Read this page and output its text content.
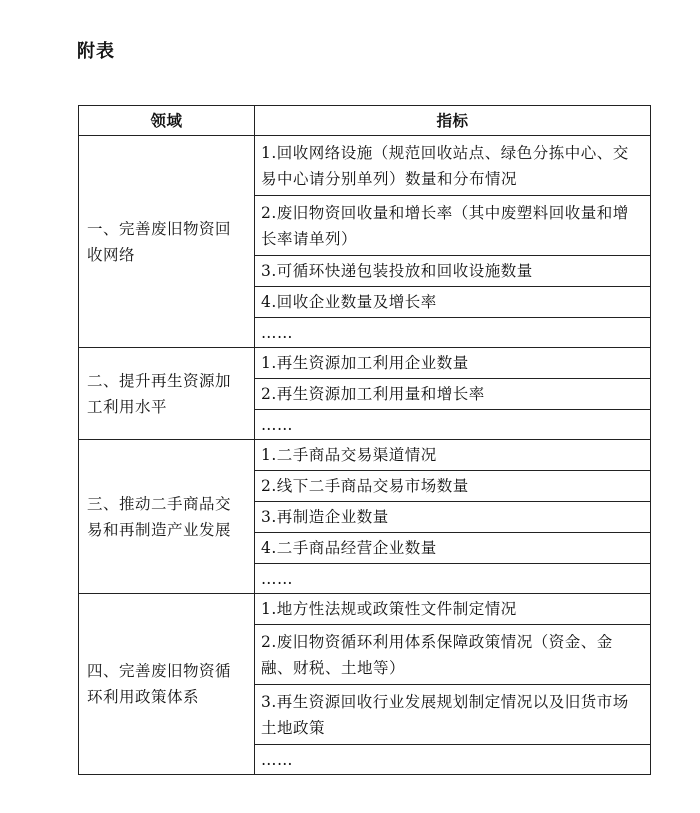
附表
领域	指标
一、完善废旧物资回收网络	1.回收网络设施（规范回收站点、绿色分拣中心、交易中心请分别单列）数量和分布情况
	2.废旧物资回收量和增长率（其中废塑料回收量和增长率请单列）
	3.可循环快递包装投放和回收设施数量
	4.回收企业数量及增长率
	……
二、提升再生资源加工利用水平	1.再生资源加工利用企业数量
	2.再生资源加工利用量和增长率
	……
三、推动二手商品交易和再制造产业发展	1.二手商品交易渠道情况
	2.线下二手商品交易市场数量
	3.再制造企业数量
	4.二手商品经营企业数量
	……
四、完善废旧物资循环利用政策体系	1.地方性法规或政策性文件制定情况
	2.废旧物资循环利用体系保障政策情况（资金、金融、财税、土地等）
	3.再生资源回收行业发展规划制定情况以及旧货市场土地政策
	……
